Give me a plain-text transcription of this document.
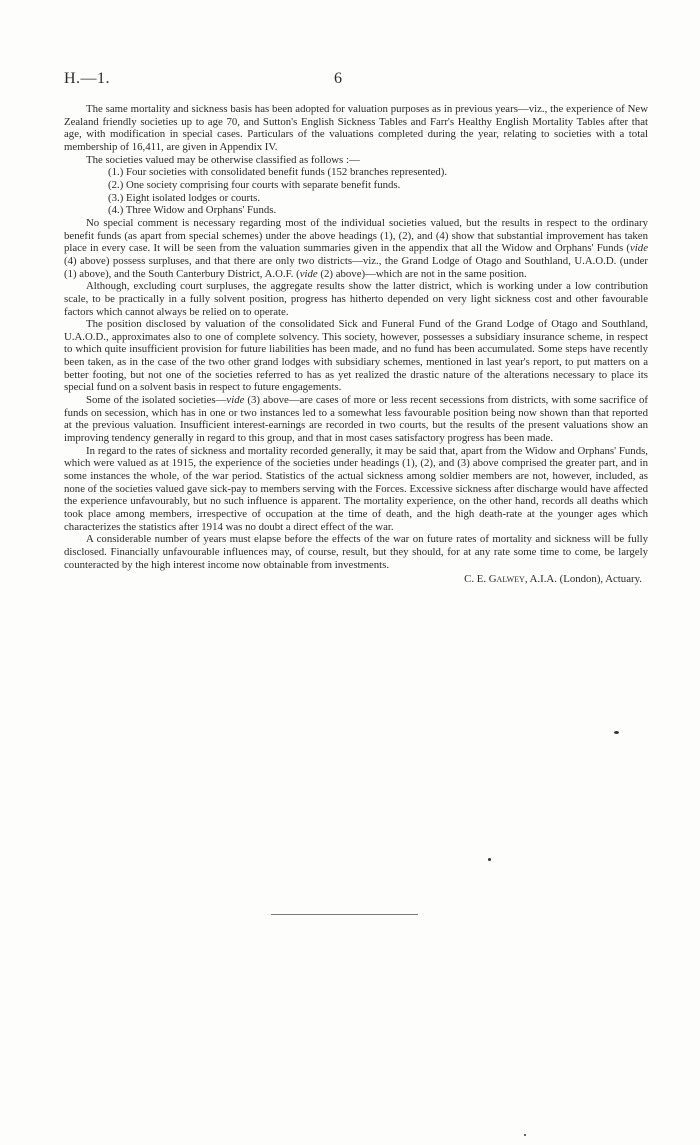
H.—1.	6

The same mortality and sickness basis has been adopted for valuation purposes as in previous years—viz., the experience of New Zealand friendly societies up to age 70, and Sutton's English Sickness Tables and Farr's Healthy English Mortality Tables after that age, with modification in special cases. Particulars of the valuations completed during the year, relating to societies with a total membership of 16,411, are given in Appendix IV.

The societies valued may be otherwise classified as follows :—

(1.) Four societies with consolidated benefit funds (152 branches represented).
(2.) One society comprising four courts with separate benefit funds.
(3.) Eight isolated lodges or courts.
(4.) Three Widow and Orphans' Funds.

No special comment is necessary regarding most of the individual societies valued, but the results in respect to the ordinary benefit funds (as apart from special schemes) under the above headings (1), (2), and (4) show that substantial improvement has taken place in every case. It will be seen from the valuation summaries given in the appendix that all the Widow and Orphans' Funds (vide (4) above) possess surpluses, and that there are only two districts—viz., the Grand Lodge of Otago and Southland, U.A.O.D. (under (1) above), and the South Canterbury District, A.O.F. (vide (2) above)—which are not in the same position.

Although, excluding court surpluses, the aggregate results show the latter district, which is working under a low contribution scale, to be practically in a fully solvent position, progress has hitherto depended on very light sickness cost and other favourable factors which cannot always be relied on to operate.

The position disclosed by valuation of the consolidated Sick and Funeral Fund of the Grand Lodge of Otago and Southland, U.A.O.D., approximates also to one of complete solvency. This society, however, possesses a subsidiary insurance scheme, in respect to which quite insufficient provision for future liabilities has been made, and no fund has been accumulated. Some steps have recently been taken, as in the case of the two other grand lodges with subsidiary schemes, mentioned in last year's report, to put matters on a better footing, but not one of the societies referred to has as yet realized the drastic nature of the alterations necessary to place its special fund on a solvent basis in respect to future engagements.

Some of the isolated societies—vide (3) above—are cases of more or less recent secessions from districts, with some sacrifice of funds on secession, which has in one or two instances led to a somewhat less favourable position being now shown than that reported at the previous valuation. Insufficient interest-earnings are recorded in two courts, but the results of the present valuations show an improving tendency generally in regard to this group, and that in most cases satisfactory progress has been made.

In regard to the rates of sickness and mortality recorded generally, it may be said that, apart from the Widow and Orphans' Funds, which were valued as at 1915, the experience of the societies under headings (1), (2), and (3) above comprised the greater part, and in some instances the whole, of the war period. Statistics of the actual sickness among soldier members are not, however, included, as none of the societies valued gave sick-pay to members serving with the Forces. Excessive sickness after discharge would have affected the experience unfavourably, but no such influence is apparent. The mortality experience, on the other hand, records all deaths which took place among members, irrespective of occupation at the time of death, and the high death-rate at the younger ages which characterizes the statistics after 1914 was no doubt a direct effect of the war.

A considerable number of years must elapse before the effects of the war on future rates of mortality and sickness will be fully disclosed. Financially unfavourable influences may, of course, result, but they should, for at any rate some time to come, be largely counteracted by the high interest income now obtainable from investments.

C. E. Galwey, A.I.A. (London), Actuary.
